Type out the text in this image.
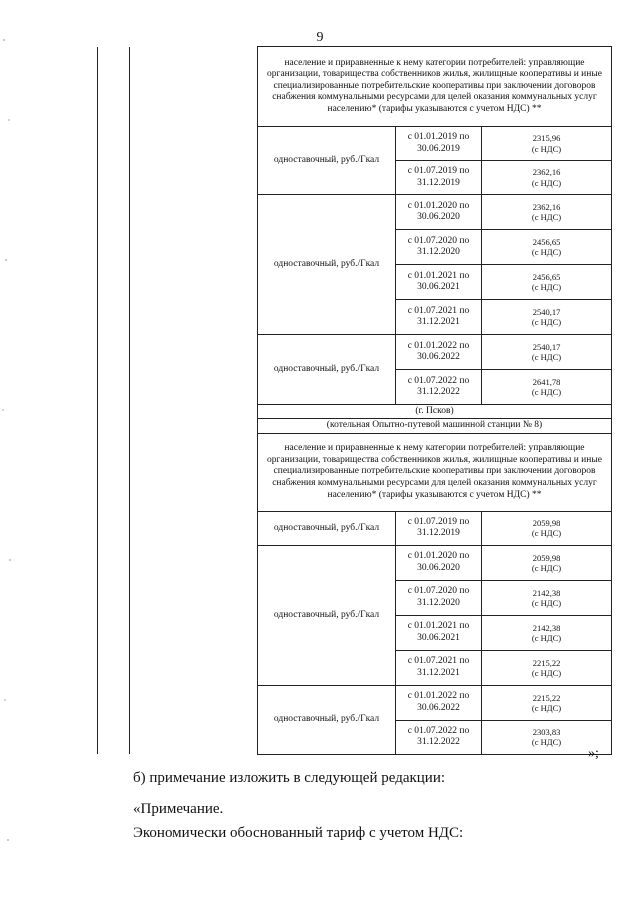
9
		население и приравненные к нему категории потребителей: управляющие организации, товарищества собственников жилья, жилищные кооперативы и иные специализированные потребительские кооперативы при заключении договоров снабжения коммунальными ресурсами для целей оказания коммунальных услуг населению* (тарифы указываются с учетом НДС) **		
		одноставочный, руб./Гкал	с 01.01.2019 по 30.06.2019	2315,96
(с НДС)
			с 01.07.2019 по 31.12.2019	2362,16
(с НДС)
		одноставочный, руб./Гкал	с 01.01.2020 по 30.06.2020	2362,16
(с НДС)
			с 01.07.2020 по 31.12.2020	2456,65
(с НДС)
			с 01.01.2021 по 30.06.2021	2456,65
(с НДС)
			с 01.07.2021 по 31.12.2021	2540,17
(с НДС)
		одноставочный, руб./Гкал	с 01.01.2022 по 30.06.2022	2540,17
(с НДС)
			с 01.07.2022 по 31.12.2022	2641,78
(с НДС)
		(г. Псков)		
		(котельная Опытно-путевой машинной станции № 8)		
		население и приравненные к нему категории потребителей: управляющие организации, товарищества собственников жилья, жилищные кооперативы и иные специализированные потребительские кооперативы при заключении договоров снабжения коммунальными ресурсами для целей оказания коммунальных услуг населению* (тарифы указываются с учетом НДС) **		
		одноставочный, руб./Гкал	с 01.07.2019 по 31.12.2019	2059,98
(с НДС)
		одноставочный, руб./Гкал	с 01.01.2020 по 30.06.2020	2059,98
(с НДС)
			с 01.07.2020 по 31.12.2020	2142,38
(с НДС)
			с 01.01.2021 по 30.06.2021	2142,38
(с НДС)
			с 01.07.2021 по 31.12.2021	2215,22
(с НДС)
		одноставочный, руб./Гкал	с 01.01.2022 по 30.06.2022	2215,22
(с НДС)
			с 01.07.2022 по 31.12.2022	2303,83
(с НДС)
»;
б) примечание изложить в следующей редакции:
«Примечание.
Экономически обоснованный тариф с учетом НДС:
